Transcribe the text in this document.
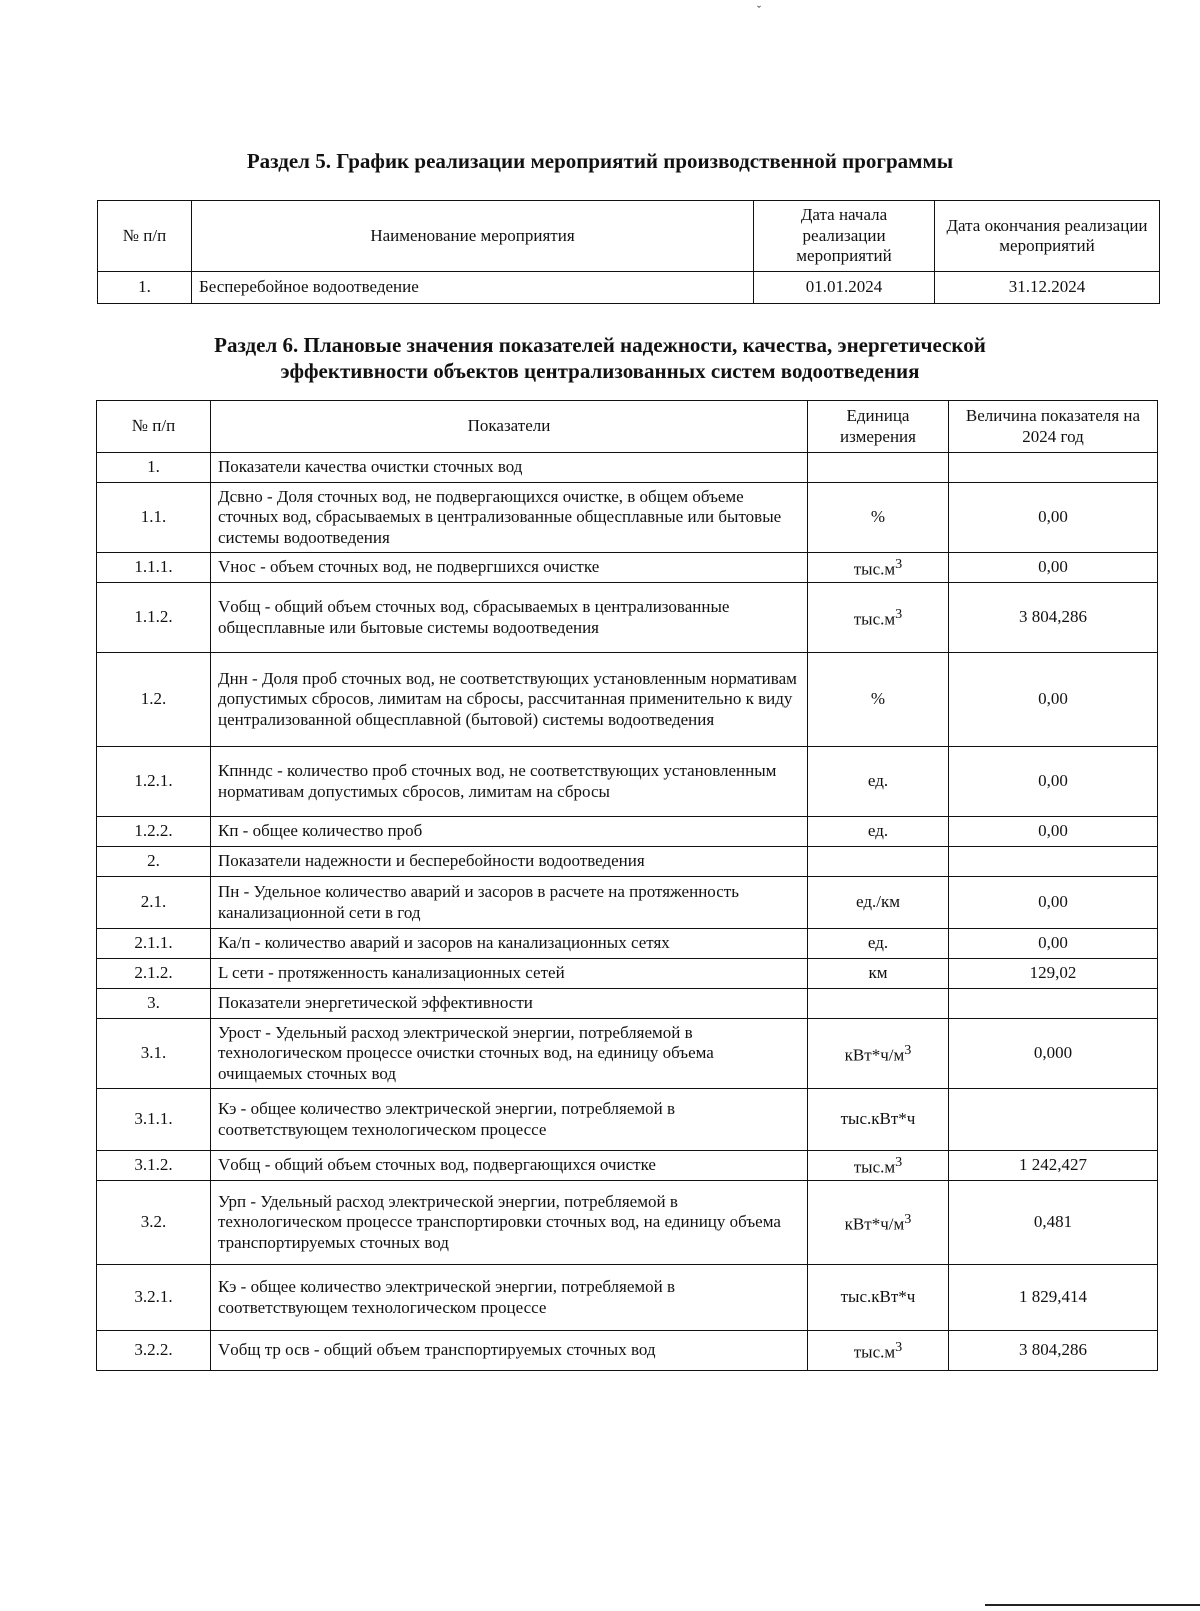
ˇ
Раздел 5. График реализации мероприятий производственной программы
№ п/п	Наименование мероприятия	Дата начала реализации мероприятий	Дата окончания реализации мероприятий
1.	Бесперебойное водоотведение	01.01.2024	31.12.2024
Раздел 6. Плановые значения показателей надежности, качества, энергетической
эффективности объектов централизованных систем водоотведения
№ п/п	Показатели	Единица измерения	Величина показателя на 2024 год
1.	Показатели качества очистки сточных вод		
1.1.	Дсвно - Доля сточных вод, не подвергающихся очистке, в общем объеме сточных вод, сбрасываемых в централизованные общесплавные или бытовые системы водоотведения	%	0,00
1.1.1.	Vнос - объем сточных вод, не подвергшихся очистке	$тыс.м^3$	0,00
1.1.2.	Vобщ - общий объем сточных вод, сбрасываемых в централизованные общесплавные или бытовые системы водоотведения	$тыс.м^3$	3 804,286
1.2.	Днн - Доля проб сточных вод, не соответствующих установленным нормативам допустимых сбросов, лимитам на сбросы, рассчитанная применительно к виду централизованной общесплавной (бытовой) системы водоотведения	%	0,00
1.2.1.	Кпнндс - количество проб сточных вод, не соответствующих установленным нормативам допустимых сбросов, лимитам на сбросы	ед.	0,00
1.2.2.	Кп - общее количество проб	ед.	0,00
2.	Показатели надежности и бесперебойности водоотведения		
2.1.	Пн - Удельное количество аварий и засоров в расчете на протяженность канализационной сети в год	ед./км	0,00
2.1.1.	Ка/п - количество аварий и засоров на канализационных сетях	ед.	0,00
2.1.2.	L сети - протяженность канализационных сетей	км	129,02
3.	Показатели энергетической эффективности		
3.1.	Урост - Удельный расход электрической энергии, потребляемой в технологическом процессе очистки сточных вод, на единицу объема очищаемых сточных вод	$кВт*ч/м^3$	0,000
3.1.1.	Кэ - общее количество электрической энергии, потребляемой в соответствующем технологическом процессе	тыс.кВт*ч	
3.1.2.	Vобщ - общий объем сточных вод, подвергающихся очистке	$тыс.м^3$	1 242,427
3.2.	Урп - Удельный расход электрической энергии, потребляемой в технологическом процессе транспортировки сточных вод, на единицу объема транспортируемых сточных вод	$кВт*ч/м^3$	0,481
3.2.1.	Кэ - общее количество электрической энергии, потребляемой в соответствующем технологическом процессе	тыс.кВт*ч	1 829,414
3.2.2.	Vобщ тр осв - общий объем транспортируемых сточных вод	$тыс.м^3$	3 804,286
